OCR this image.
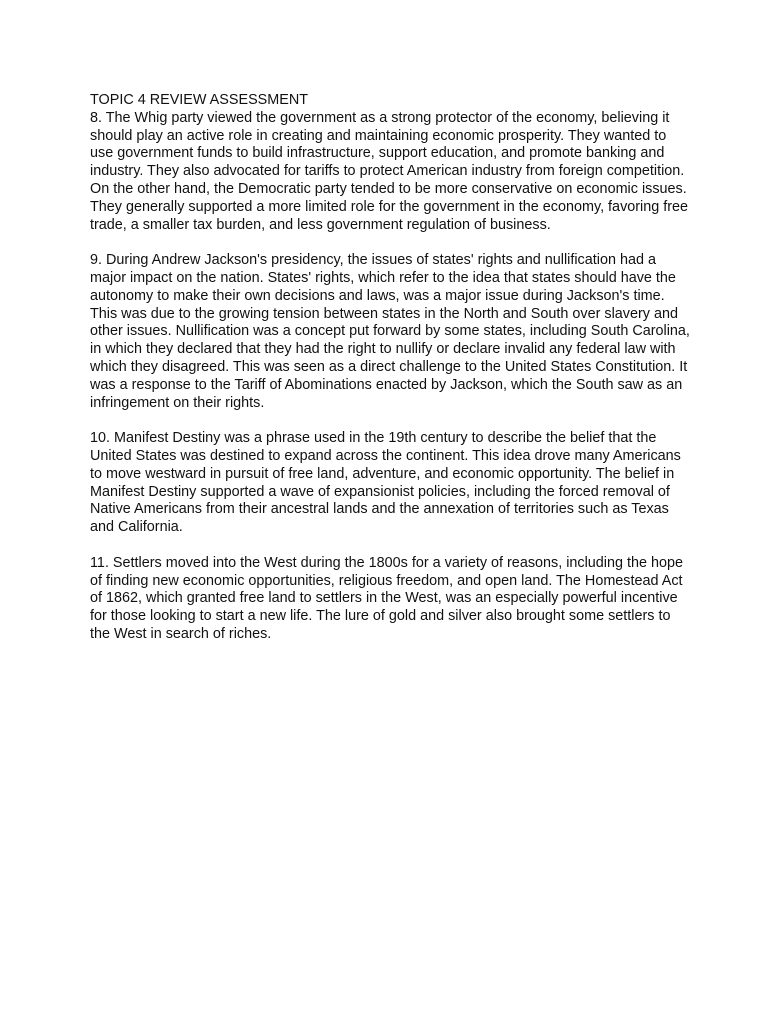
TOPIC 4 REVIEW ASSESSMENT

8. The Whig party viewed the government as a strong protector of the economy, believing it should play an active role in creating and maintaining economic prosperity. They wanted to use government funds to build infrastructure, support education, and promote banking and industry. They also advocated for tariffs to protect American industry from foreign competition. On the other hand, the Democratic party tended to be more conservative on economic issues. They generally supported a more limited role for the government in the economy, favoring free trade, a smaller tax burden, and less government regulation of business.

9. During Andrew Jackson's presidency, the issues of states' rights and nullification had a major impact on the nation. States' rights, which refer to the idea that states should have the autonomy to make their own decisions and laws, was a major issue during Jackson's time. This was due to the growing tension between states in the North and South over slavery and other issues. Nullification was a concept put forward by some states, including South Carolina, in which they declared that they had the right to nullify or declare invalid any federal law with which they disagreed. This was seen as a direct challenge to the United States Constitution. It was a response to the Tariff of Abominations enacted by Jackson, which the South saw as an infringement on their rights.

10. Manifest Destiny was a phrase used in the 19th century to describe the belief that the United States was destined to expand across the continent. This idea drove many Americans to move westward in pursuit of free land, adventure, and economic opportunity. The belief in Manifest Destiny supported a wave of expansionist policies, including the forced removal of Native Americans from their ancestral lands and the annexation of territories such as Texas and California.

11. Settlers moved into the West during the 1800s for a variety of reasons, including the hope of finding new economic opportunities, religious freedom, and open land. The Homestead Act of 1862, which granted free land to settlers in the West, was an especially powerful incentive for those looking to start a new life. The lure of gold and silver also brought some settlers to the West in search of riches.
